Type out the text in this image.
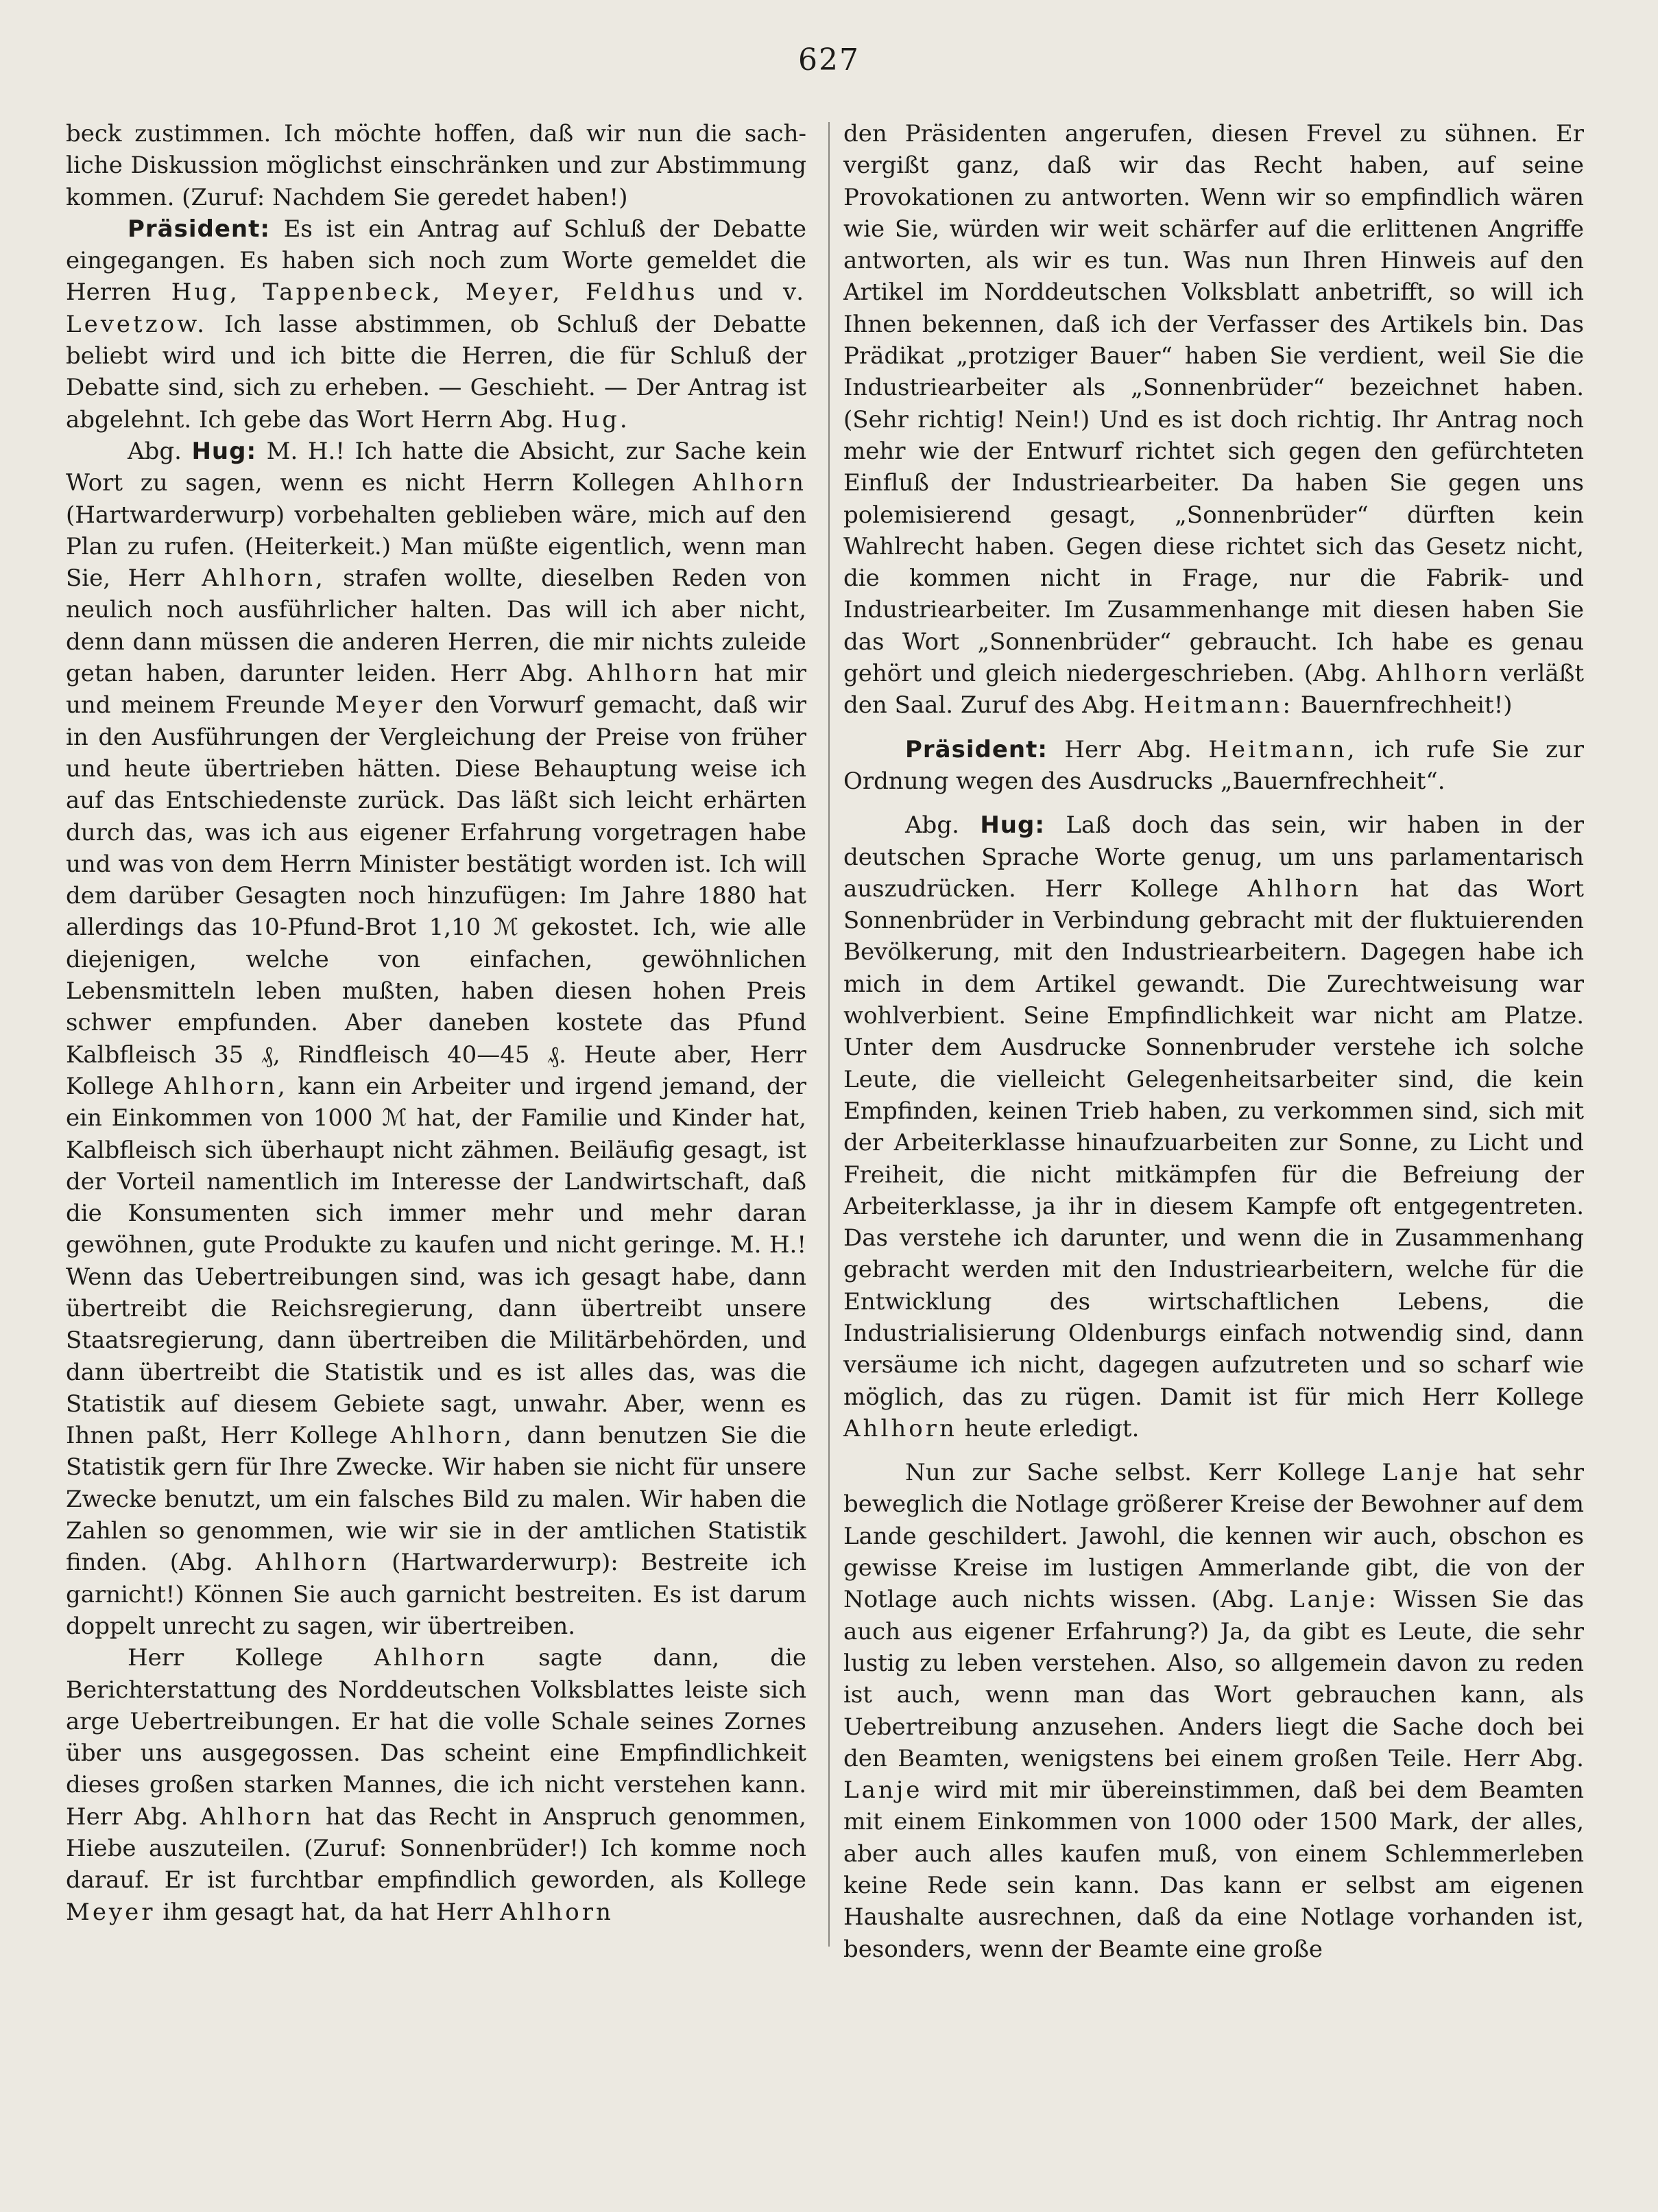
627

beck zustimmen. Ich möchte hoffen, daß wir nun die sach-liche Diskussion möglichst einschränken und zur Abstimmung kommen. (Zuruf: Nachdem Sie geredet haben!)

Präsident: Es ist ein Antrag auf Schluß der Debatte eingegangen. Es haben sich noch zum Worte gemeldet die Herren Hug, Tappenbeck, Meyer, Feldhus und v. Levetzow. Ich lasse abstimmen, ob Schluß der Debatte beliebt wird und ich bitte die Herren, die für Schluß der Debatte sind, sich zu erheben. — Geschieht. — Der Antrag ist abgelehnt. Ich gebe das Wort Herrn Abg. Hug.

Abg. Hug: M. H.! Ich hatte die Absicht, zur Sache kein Wort zu sagen, wenn es nicht Herrn Kollegen Ahlhorn (Hartwarderwurp) vorbehalten geblieben wäre, mich auf den Plan zu rufen. (Heiterkeit.) Man müßte eigentlich, wenn man Sie, Herr Ahlhorn, strafen wollte, dieselben Reden von neulich noch ausführlicher halten. Das will ich aber nicht, denn dann müssen die anderen Herren, die mir nichts zuleide getan haben, darunter leiden. Herr Abg. Ahlhorn hat mir und meinem Freunde Meyer den Vorwurf gemacht, daß wir in den Ausführungen der Vergleichung der Preise von früher und heute übertrieben hätten. Diese Behauptung weise ich auf das Entschiedenste zurück. Das läßt sich leicht erhärten durch das, was ich aus eigener Erfahrung vorgetragen habe und was von dem Herrn Minister bestätigt worden ist. Ich will dem darüber Gesagten noch hinzufügen: Im Jahre 1880 hat allerdings das 10-Pfund-Brot 1,10 ℳ gekostet. Ich, wie alle diejenigen, welche von einfachen, gewöhnlichen Lebensmitteln leben mußten, haben diesen hohen Preis schwer empfunden. Aber daneben kostete das Pfund Kalbfleisch 35 ₰, Rindfleisch 40—45 ₰. Heute aber, Herr Kollege Ahlhorn, kann ein Arbeiter und irgend jemand, der ein Einkommen von 1000 ℳ hat, der Familie und Kinder hat, Kalbfleisch sich überhaupt nicht zähmen. Beiläufig gesagt, ist der Vorteil namentlich im Interesse der Landwirtschaft, daß die Konsumenten sich immer mehr und mehr daran gewöhnen, gute Produkte zu kaufen und nicht geringe. M. H.! Wenn das Uebertreibungen sind, was ich gesagt habe, dann übertreibt die Reichsregierung, dann übertreibt unsere Staatsregierung, dann übertreiben die Militärbehörden, und dann übertreibt die Statistik und es ist alles das, was die Statistik auf diesem Gebiete sagt, unwahr. Aber, wenn es Ihnen paßt, Herr Kollege Ahlhorn, dann benutzen Sie die Statistik gern für Ihre Zwecke. Wir haben sie nicht für unsere Zwecke benutzt, um ein falsches Bild zu malen. Wir haben die Zahlen so genommen, wie wir sie in der amtlichen Statistik finden. (Abg. Ahlhorn (Hartwarderwurp): Bestreite ich garnicht!) Können Sie auch garnicht bestreiten. Es ist darum doppelt unrecht zu sagen, wir übertreiben.

Herr Kollege Ahlhorn sagte dann, die Berichterstattung des Norddeutschen Volksblattes leiste sich arge Uebertreibungen. Er hat die volle Schale seines Zornes über uns ausgegossen. Das scheint eine Empfindlichkeit dieses großen starken Mannes, die ich nicht verstehen kann. Herr Abg. Ahlhorn hat das Recht in Anspruch genommen, Hiebe auszuteilen. (Zuruf: Sonnenbrüder!) Ich komme noch darauf. Er ist furchtbar empfindlich geworden, als Kollege Meyer ihm gesagt hat, da hat Herr Ahlhorn

den Präsidenten angerufen, diesen Frevel zu sühnen. Er vergißt ganz, daß wir das Recht haben, auf seine Provokationen zu antworten. Wenn wir so empfindlich wären wie Sie, würden wir weit schärfer auf die erlittenen Angriffe antworten, als wir es tun. Was nun Ihren Hinweis auf den Artikel im Norddeutschen Volksblatt anbetrifft, so will ich Ihnen bekennen, daß ich der Verfasser des Artikels bin. Das Prädikat „protziger Bauer“ haben Sie verdient, weil Sie die Industriearbeiter als „Sonnenbrüder“ bezeichnet haben. (Sehr richtig! Nein!) Und es ist doch richtig. Ihr Antrag noch mehr wie der Entwurf richtet sich gegen den gefürchteten Einfluß der Industriearbeiter. Da haben Sie gegen uns polemisierend gesagt, „Sonnenbrüder“ dürften kein Wahlrecht haben. Gegen diese richtet sich das Gesetz nicht, die kommen nicht in Frage, nur die Fabrik- und Industriearbeiter. Im Zusammenhange mit diesen haben Sie das Wort „Sonnenbrüder“ gebraucht. Ich habe es genau gehört und gleich niedergeschrieben. (Abg. Ahlhorn verläßt den Saal. Zuruf des Abg. Heitmann: Bauernfrechheit!)

Präsident: Herr Abg. Heitmann, ich rufe Sie zur Ordnung wegen des Ausdrucks „Bauernfrechheit“.

Abg. Hug: Laß doch das sein, wir haben in der deutschen Sprache Worte genug, um uns parlamentarisch auszudrücken. Herr Kollege Ahlhorn hat das Wort Sonnenbrüder in Verbindung gebracht mit der fluktuierenden Bevölkerung, mit den Industriearbeitern. Dagegen habe ich mich in dem Artikel gewandt. Die Zurechtweisung war wohlverbient. Seine Empfindlichkeit war nicht am Platze. Unter dem Ausdrucke Sonnenbruder verstehe ich solche Leute, die vielleicht Gelegenheitsarbeiter sind, die kein Empfinden, keinen Trieb haben, zu verkommen sind, sich mit der Arbeiterklasse hinaufzuarbeiten zur Sonne, zu Licht und Freiheit, die nicht mitkämpfen für die Befreiung der Arbeiterklasse, ja ihr in diesem Kampfe oft entgegentreten. Das verstehe ich darunter, und wenn die in Zusammenhang gebracht werden mit den Industriearbeitern, welche für die Entwicklung des wirtschaftlichen Lebens, die Industrialisierung Oldenburgs einfach notwendig sind, dann versäume ich nicht, dagegen aufzutreten und so scharf wie möglich, das zu rügen. Damit ist für mich Herr Kollege Ahlhorn heute erledigt.

Nun zur Sache selbst. Kerr Kollege Lanje hat sehr beweglich die Notlage größerer Kreise der Bewohner auf dem Lande geschildert. Jawohl, die kennen wir auch, obschon es gewisse Kreise im lustigen Ammerlande gibt, die von der Notlage auch nichts wissen. (Abg. Lanje: Wissen Sie das auch aus eigener Erfahrung?) Ja, da gibt es Leute, die sehr lustig zu leben verstehen. Also, so allgemein davon zu reden ist auch, wenn man das Wort gebrauchen kann, als Uebertreibung anzusehen. Anders liegt die Sache doch bei den Beamten, wenigstens bei einem großen Teile. Herr Abg. Lanje wird mit mir übereinstimmen, daß bei dem Beamten mit einem Einkommen von 1000 oder 1500 Mark, der alles, aber auch alles kaufen muß, von einem Schlemmerleben keine Rede sein kann. Das kann er selbst am eigenen Haushalte ausrechnen, daß da eine Notlage vorhanden ist, besonders, wenn der Beamte eine große
